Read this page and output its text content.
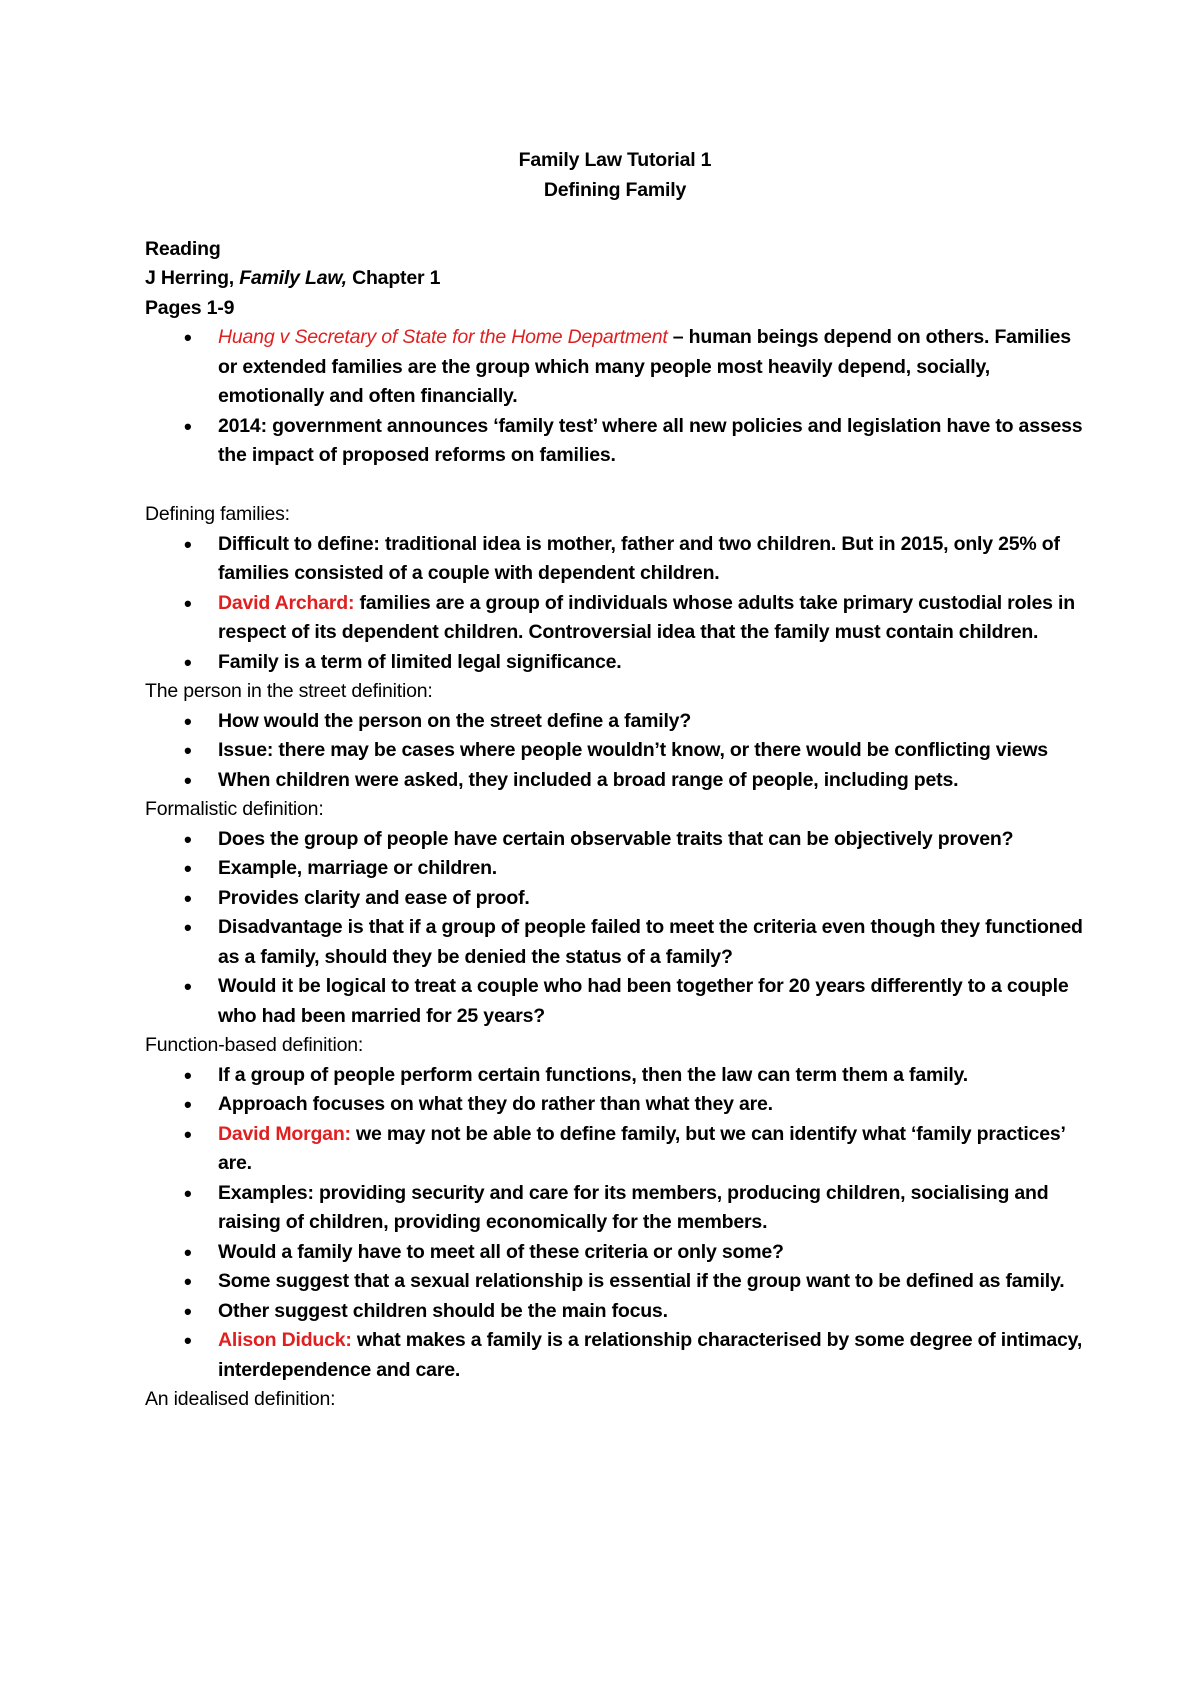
Family Law Tutorial 1

Defining Family

Reading

J Herring, Family Law, Chapter 1

Pages 1-9

• Huang v Secretary of State for the Home Department – human beings depend on others. Families or extended families are the group which many people most heavily depend, socially, emotionally and often financially.
• 2014: government announces ‘family test’ where all new policies and legislation have to assess the impact of proposed reforms on families.

Defining families:

• Difficult to define: traditional idea is mother, father and two children. But in 2015, only 25% of families consisted of a couple with dependent children.
• David Archard: families are a group of individuals whose adults take primary custodial roles in respect of its dependent children. Controversial idea that the family must contain children.
• Family is a term of limited legal significance.

The person in the street definition:

• How would the person on the street define a family?
• Issue: there may be cases where people wouldn’t know, or there would be conflicting views
• When children were asked, they included a broad range of people, including pets.

Formalistic definition:

• Does the group of people have certain observable traits that can be objectively proven?
• Example, marriage or children.
• Provides clarity and ease of proof.
• Disadvantage is that if a group of people failed to meet the criteria even though they functioned as a family, should they be denied the status of a family?
• Would it be logical to treat a couple who had been together for 20 years differently to a couple who had been married for 25 years?

Function-based definition:

• If a group of people perform certain functions, then the law can term them a family.
• Approach focuses on what they do rather than what they are.
• David Morgan: we may not be able to define family, but we can identify what ‘family practices’ are.
• Examples: providing security and care for its members, producing children, socialising and raising of children, providing economically for the members.
• Would a family have to meet all of these criteria or only some?
• Some suggest that a sexual relationship is essential if the group want to be defined as family.
• Other suggest children should be the main focus.
• Alison Diduck: what makes a family is a relationship characterised by some degree of intimacy, interdependence and care.

An idealised definition:
